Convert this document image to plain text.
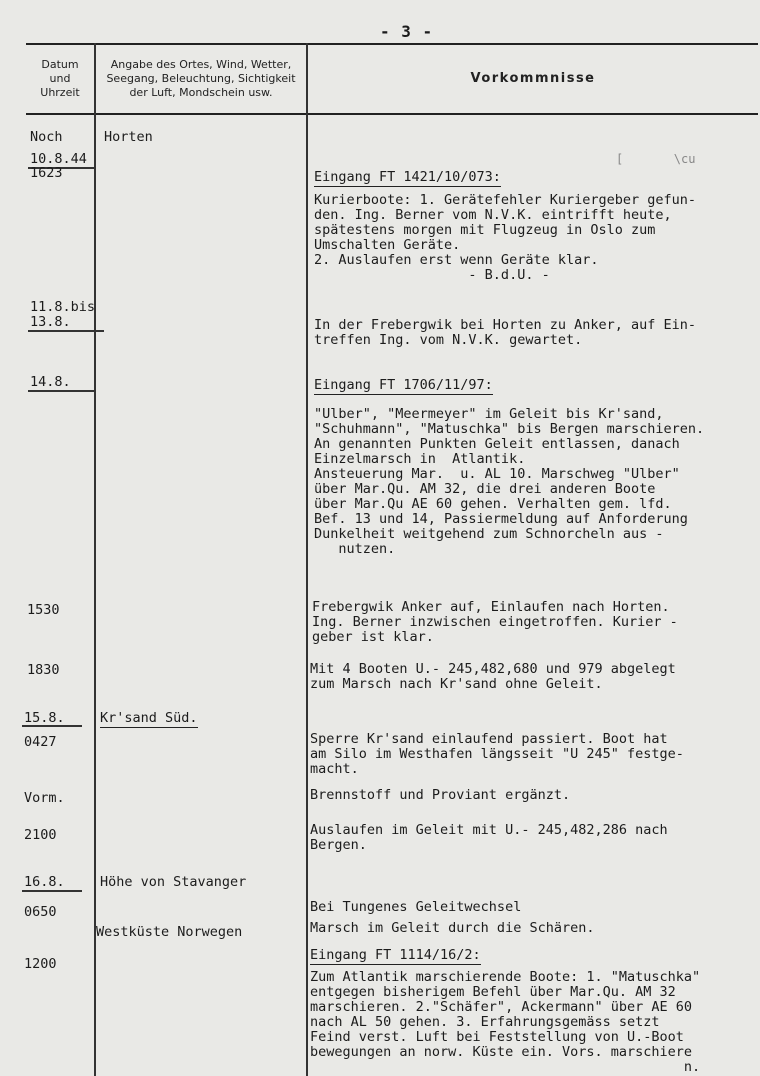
- 3 -
Datum
und
Uhrzeit
Angabe des Ortes, Wind, Wetter,
Seegang, Beleuchtung, Sichtigkeit
der Luft, Mondschein usw.
Vorkommnisse
Noch
10.8.44
1623
11.8.bis
13.8.
14.8.
1530
1830
15.8.
0427
Vorm.
2100
16.8.
0650
1200
Horten
Kr'sand Süd.
Höhe von Stavanger
Westküste Norwegen
[       \cu
Eingang FT 1421/10/073:
Kurierboote: 1. Gerätefehler Kuriergeber gefun-
den. Ing. Berner vom N.V.K. eintrifft heute,
spätestens morgen mit Flugzeug in Oslo zum
Umschalten Geräte.
2. Auslaufen erst wenn Geräte klar.
- B.d.U. -
In der Frebergwik bei Horten zu Anker, auf Ein-
treffen Ing. vom N.V.K. gewartet.
Eingang FT 1706/11/97:
"Ulber", "Meermeyer" im Geleit bis Kr'sand,
"Schuhmann", "Matuschka" bis Bergen marschieren.
An genannten Punkten Geleit entlassen, danach
Einzelmarsch in  Atlantik.
Ansteuerung Mar.  u. AL 10. Marschweg "Ulber"
über Mar.Qu. AM 32, die drei anderen Boote
über Mar.Qu AE 60 gehen. Verhalten gem. lfd.
Bef. 13 und 14, Passiermeldung auf Anforderung
Dunkelheit weitgehend zum Schnorcheln aus -
nutzen.
Frebergwik Anker auf, Einlaufen nach Horten.
Ing. Berner inzwischen eingetroffen. Kurier -
geber ist klar.
Mit 4 Booten U.- 245,482,680 und 979 abgelegt
zum Marsch nach Kr'sand ohne Geleit.
Sperre Kr'sand einlaufend passiert. Boot hat
am Silo im Westhafen längsseit "U 245" festge-
macht.
Brennstoff und Proviant ergänzt.
Auslaufen im Geleit mit U.- 245,482,286 nach
Bergen.
Bei Tungenes Geleitwechsel
Marsch im Geleit durch die Schären.
Eingang FT 1114/16/2:
Zum Atlantik marschierende Boote: 1. "Matuschka"
entgegen bisherigem Befehl über Mar.Qu. AM 32
marschieren. 2."Schäfer", Ackermann" über AE 60
nach AL 50 gehen. 3. Erfahrungsgemäss setzt
Feind verst. Luft bei Feststellung von U.-Boot
bewegungen an norw. Küste ein. Vors. marschiere
n.
